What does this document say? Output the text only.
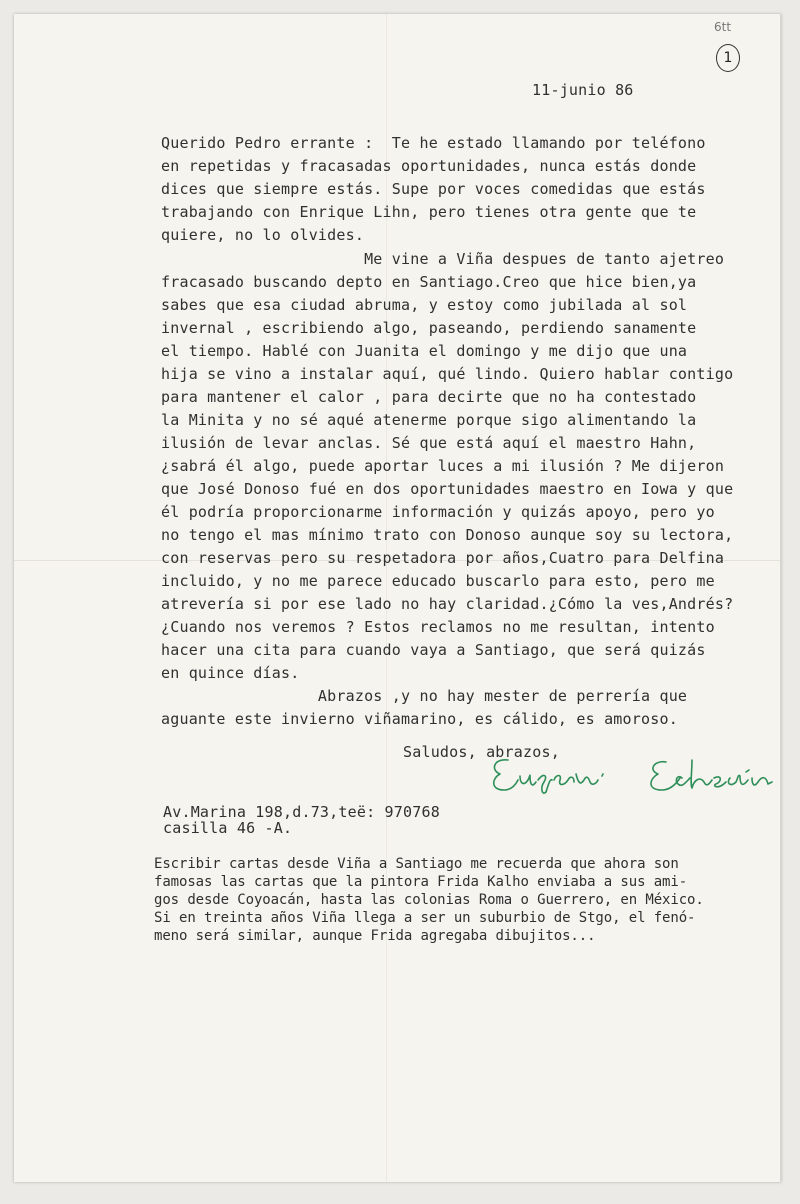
6tt
1

11-junio 86

Querido Pedro errante :  Te he estado llamando por teléfono

en repetidas y fracasadas oportunidades, nunca estás donde

dices que siempre estás. Supe por voces comedidas que estás

trabajando con Enrique Lihn, pero tienes otra gente que te

quiere, no lo olvides.

Me vine a Viña despues de tanto ajetreo

fracasado buscando depto en Santiago.Creo que hice bien,ya

sabes que esa ciudad abruma, y estoy como jubilada al sol

invernal , escribiendo algo, paseando, perdiendo sanamente

el tiempo. Hablé con Juanita el domingo y me dijo que una

hija se vino a instalar aquí, qué lindo. Quiero hablar contigo

para mantener el calor , para decirte que no ha contestado

la Minita y no sé aqué atenerme porque sigo alimentando la

ilusión de levar anclas. Sé que está aquí el maestro Hahn,

¿sabrá él algo, puede aportar luces a mi ilusión ? Me dijeron

que José Donoso fué en dos oportunidades maestro en Iowa y que

él podría proporcionarme información y quizás apoyo, pero yo

no tengo el mas mínimo trato con Donoso aunque soy su lectora,

con reservas pero su respetadora por años,Cuatro para Delfina

incluido, y no me parece educado buscarlo para esto, pero me

atrevería si por ese lado no hay claridad.¿Cómo la ves,Andrés?

¿Cuando nos veremos ? Estos reclamos no me resultan, intento

hacer una cita para cuando vaya a Santiago, que será quizás

en quince días.

Abrazos ,y no hay mester de perrería que

aguante este invierno viñamarino, es cálido, es amoroso.

Saludos, abrazos,

Av.Marina 198,d.73,teë: 970768

casilla 46 -A.

Escribir cartas desde Viña a Santiago me recuerda que ahora son

famosas las cartas que la pintora Frida Kalho enviaba a sus ami-

gos desde Coyoacán, hasta las colonias Roma o Guerrero, en México.

Si en treinta años Viña llega a ser un suburbio de Stgo, el fenó-

meno será similar, aunque Frida agregaba dibujitos...
